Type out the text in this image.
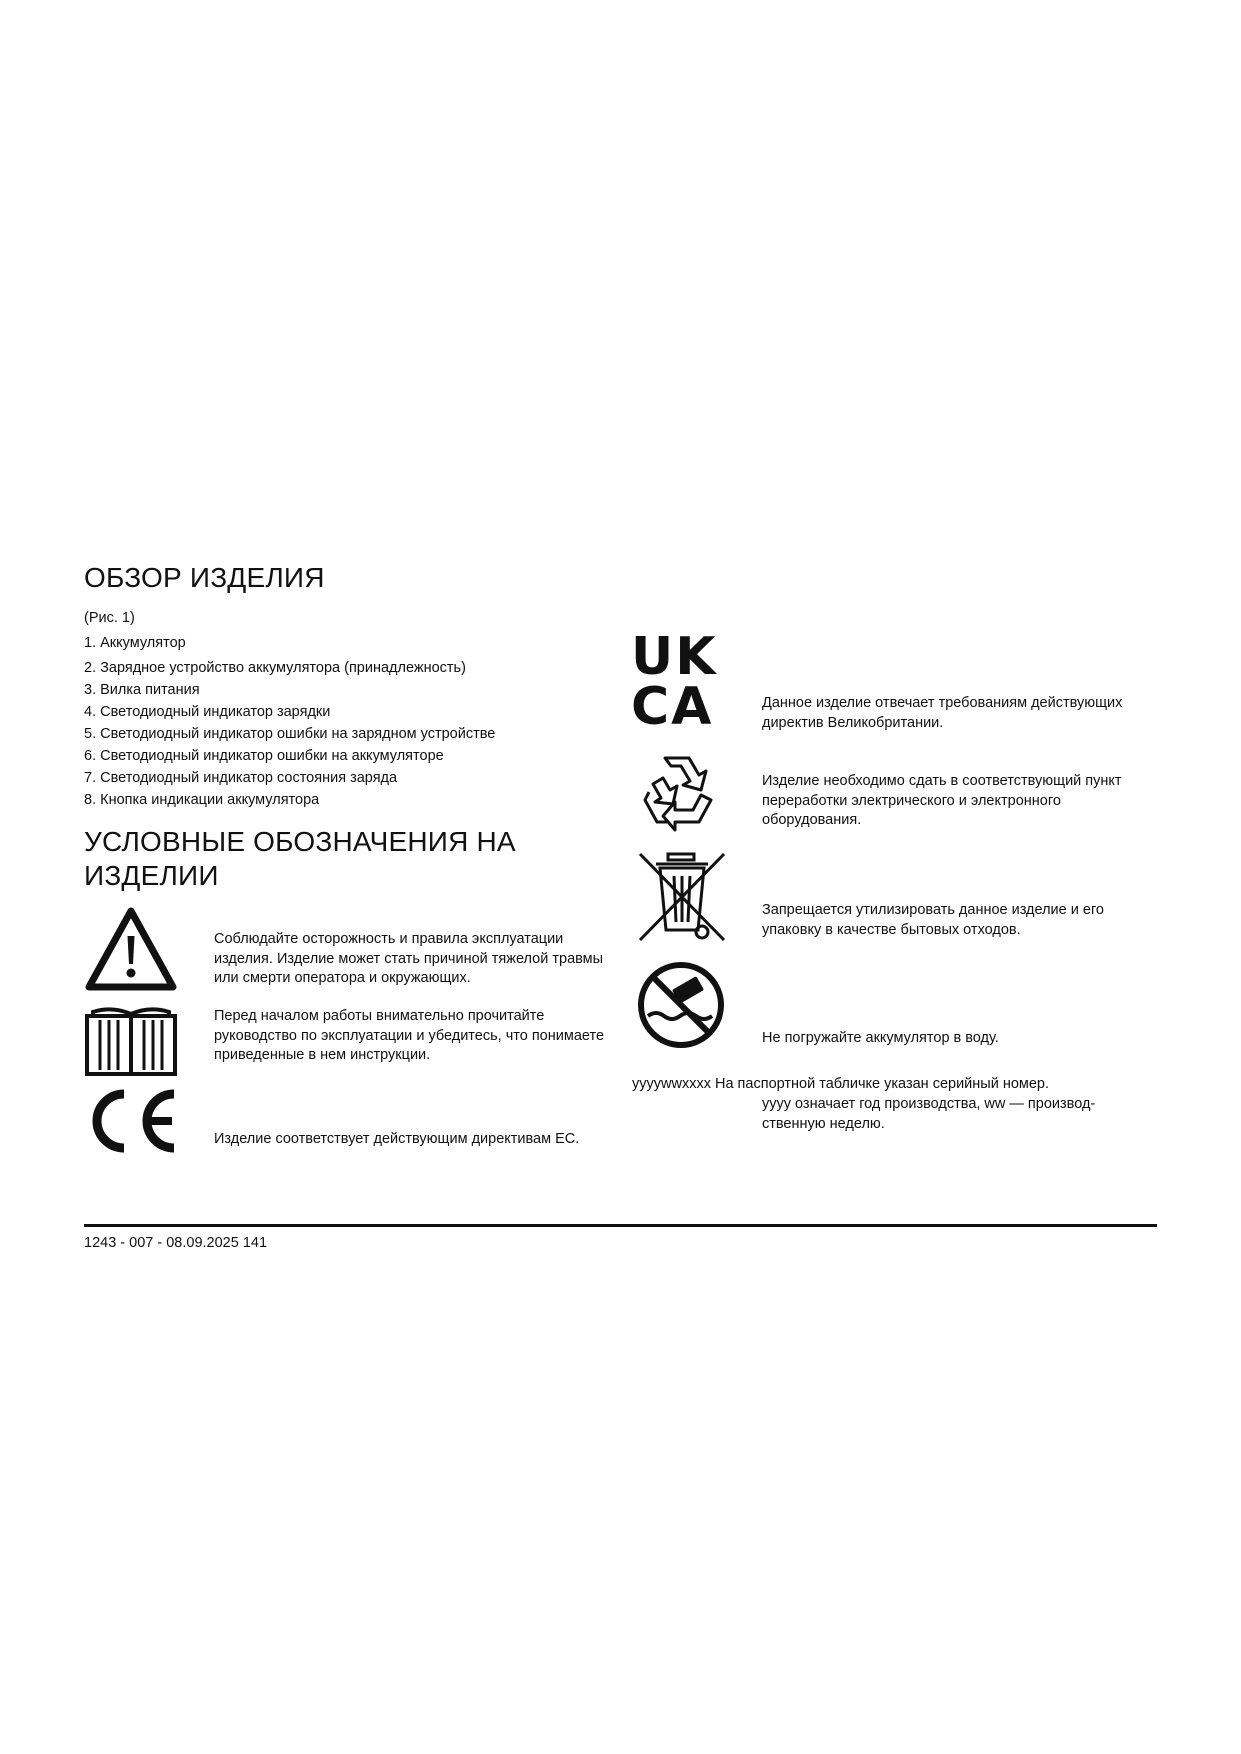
ОБЗОР ИЗДЕЛИЯ
(Рис. 1)
1. Аккумулятор
2. Зарядное устройство аккумулятора (принадлежность)
3. Вилка питания
4. Светодиодный индикатор зарядки
5. Светодиодный индикатор ошибки на зарядном устройстве
6. Светодиодный индикатор ошибки на аккумуляторе
7. Светодиодный индикатор состояния заряда
8. Кнопка индикации аккумулятора
УСЛОВНЫЕ ОБОЗНАЧЕНИЯ НА
ИЗДЕЛИИ
Соблюдайте осторожность и правила эксплуатации изделия. Изделие может стать причиной тяжелой травмы или смерти оператора и окружающих.
Перед началом работы внимательно прочитайте руководство по эксплуатации и убедитесь, что понимаете приведенные в нем инструкции.
Изделие соответствует действующим директивам ЕС.
UK
CA	Данное изделие отвечает требованиям действующих директив Великобритании.
Изделие необходимо сдать в соответствующий пункт переработки электрического и электронного оборудования.
Запрещается утилизировать данное изделие и его упаковку в качестве бытовых отходов.
Не погружайте аккумулятор в воду.
yyyywwxxxx На паспортной табличке указан серийный номер.
yyyy означает год производства, ww — производ-
ственную неделю.
1243 - 007 - 08.09.2025 141
